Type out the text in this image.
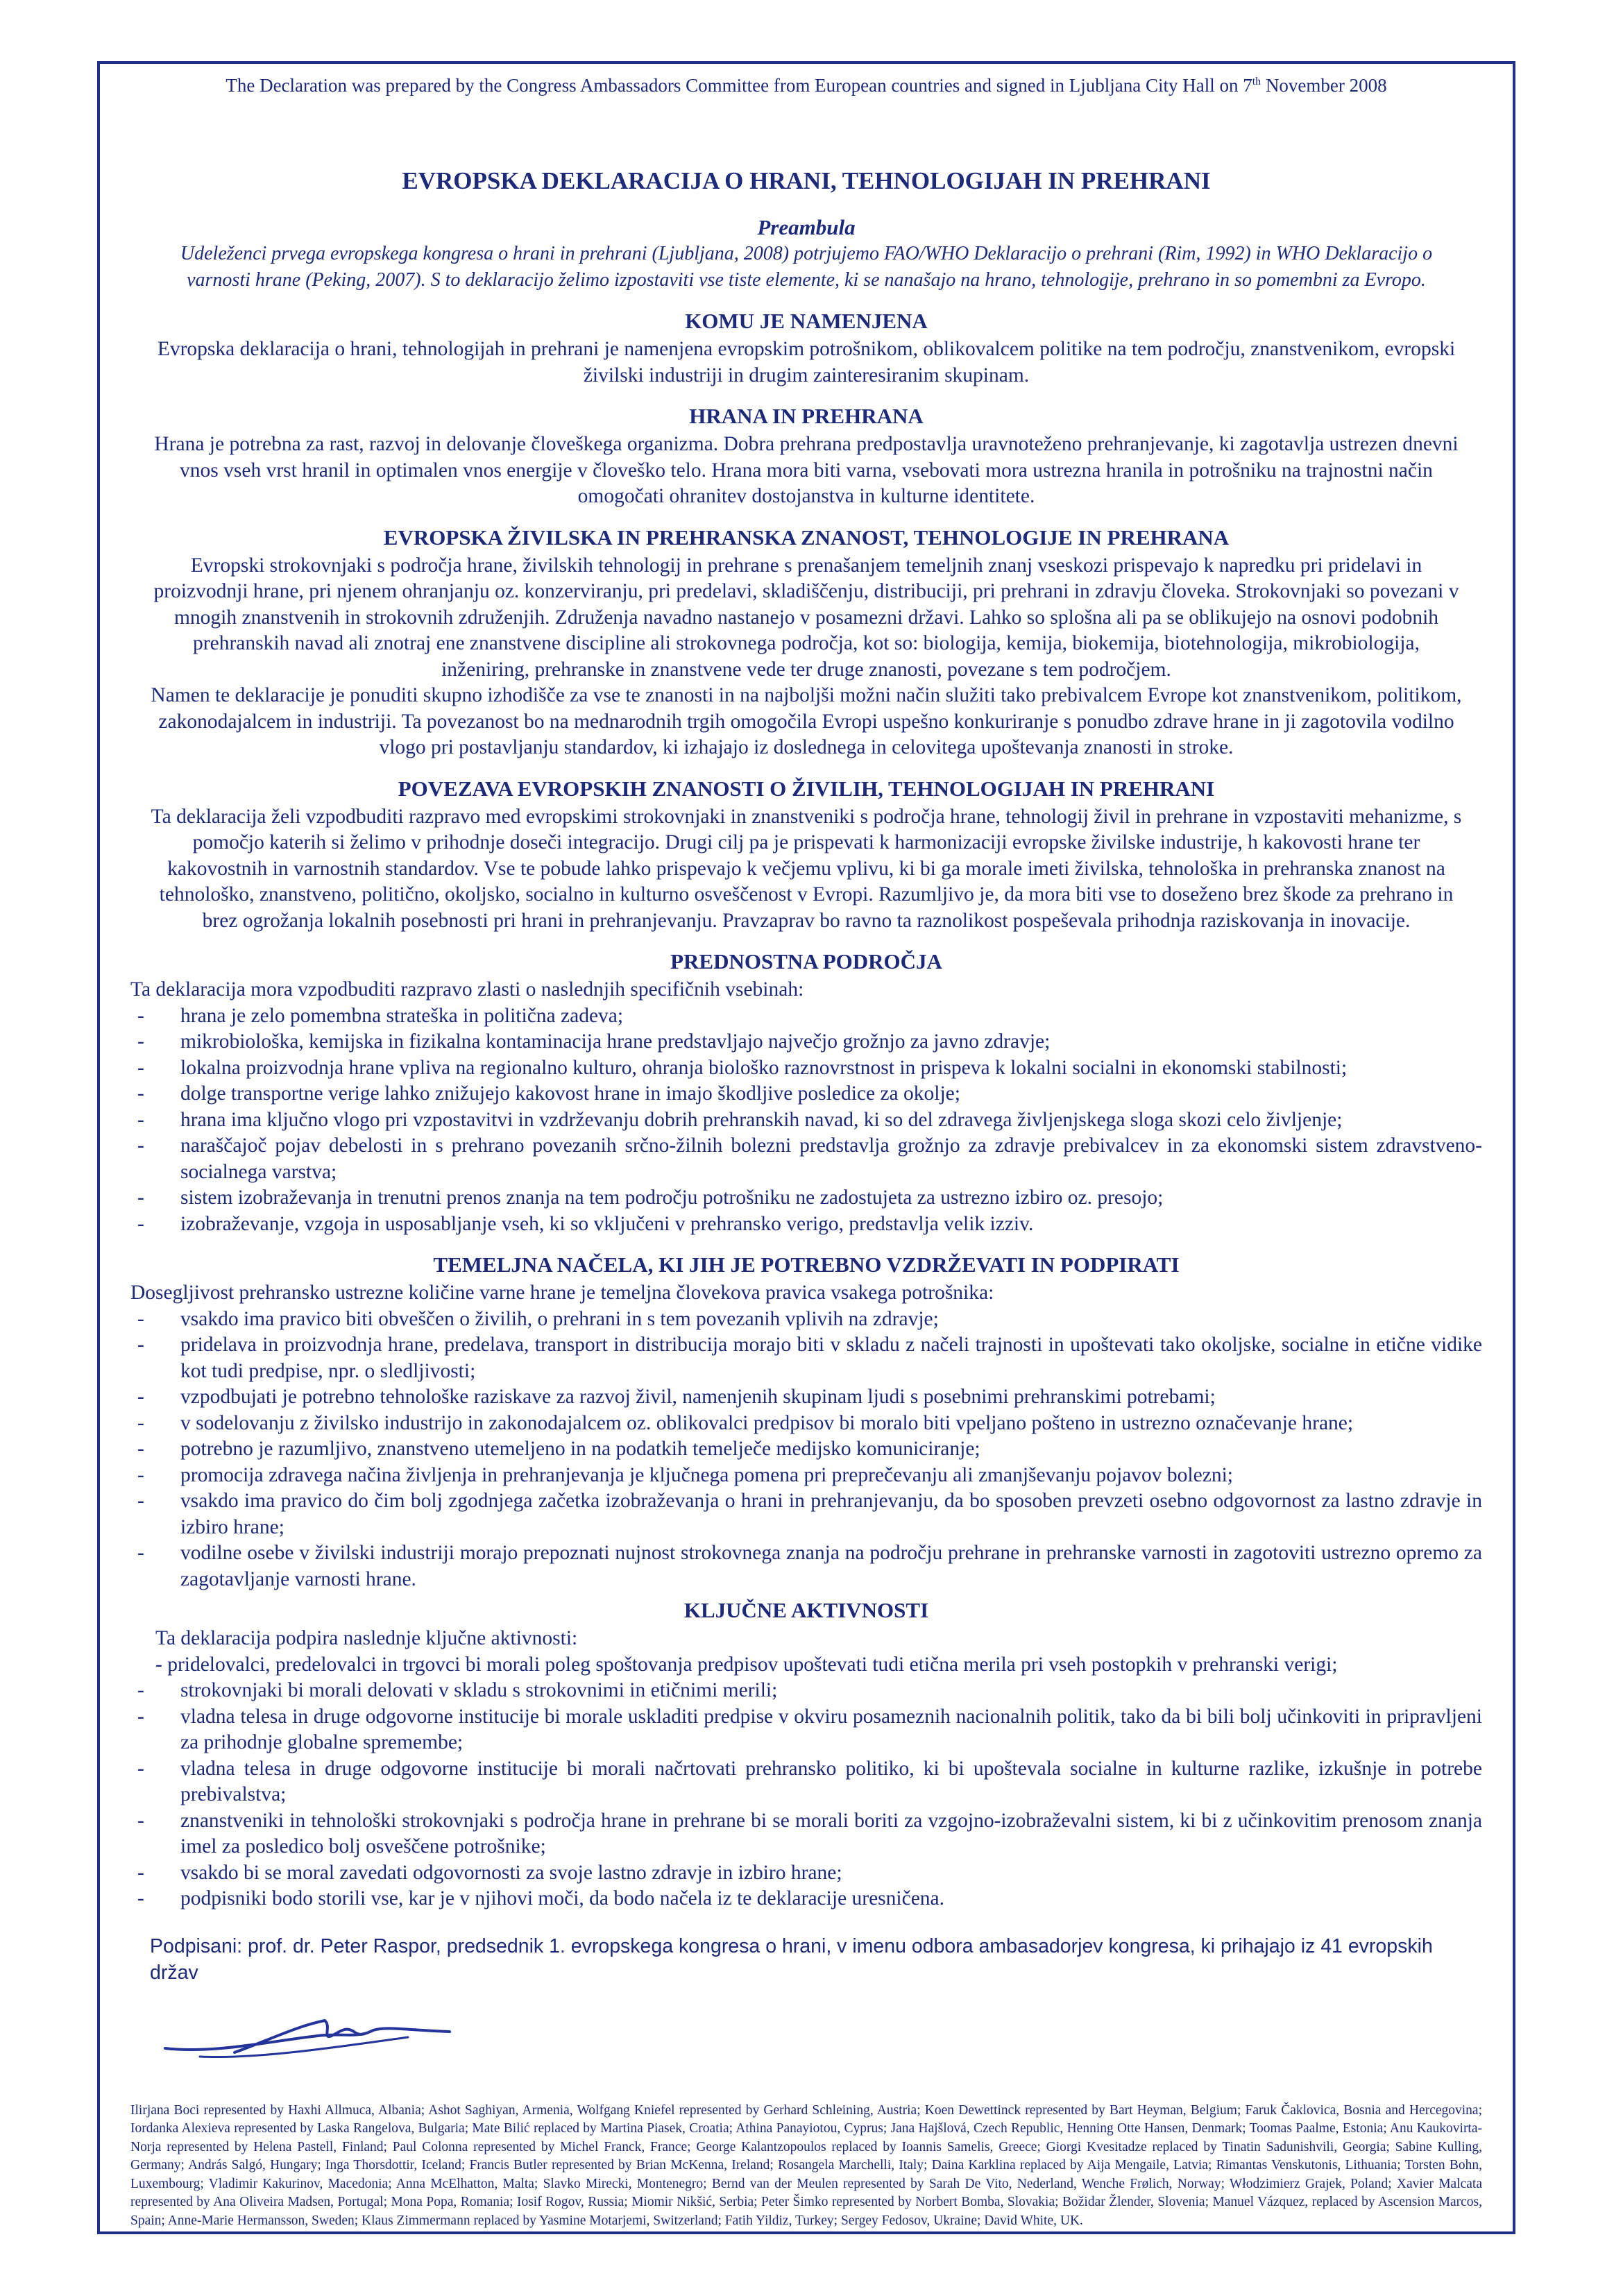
The Declaration was prepared by the Congress Ambassadors Committee from European countries and signed in Ljubljana City Hall on 7th November 2008

EVROPSKA DEKLARACIJA O HRANI, TEHNOLOGIJAH IN PREHRANI
Preambula

Udeleženci prvega evropskega kongresa o hrani in prehrani (Ljubljana, 2008) potrjujemo FAO/WHO Deklaracijo o prehrani (Rim, 1992) in WHO Deklaracijo o varnosti hrane (Peking, 2007). S to deklaracijo želimo izpostaviti vse tiste elemente, ki se nanašajo na hrano, tehnologije, prehrano in so pomembni za Evropo.

KOMU JE NAMENJENA

Evropska deklaracija o hrani, tehnologijah in prehrani je namenjena evropskim potrošnikom, oblikovalcem politike na tem področju, znanstvenikom, evropski živilski industriji in drugim zainteresiranim skupinam.

HRANA IN PREHRANA

Hrana je potrebna za rast, razvoj in delovanje človeškega organizma. Dobra prehrana predpostavlja uravnoteženo prehranjevanje, ki zagotavlja ustrezen dnevni vnos vseh vrst hranil in optimalen vnos energije v človeško telo. Hrana mora biti varna, vsebovati mora ustrezna hranila in potrošniku na trajnostni način omogočati ohranitev dostojanstva in kulturne identitete.

EVROPSKA ŽIVILSKA IN PREHRANSKA ZNANOST, TEHNOLOGIJE IN PREHRANA

Evropski strokovnjaki s področja hrane, živilskih tehnologij in prehrane s prenašanjem temeljnih znanj vseskozi prispevajo k napredku pri pridelavi in proizvodnji hrane, pri njenem ohranjanju oz. konzerviranju, pri predelavi, skladiščenju, distribuciji, pri prehrani in zdravju človeka. Strokovnjaki so povezani v mnogih znanstvenih in strokovnih združenjih. Združenja navadno nastanejo v posamezni državi. Lahko so splošna ali pa se oblikujejo na osnovi podobnih prehranskih navad ali znotraj ene znanstvene discipline ali strokovnega področja, kot so: biologija, kemija, biokemija, biotehnologija, mikrobiologija, inženiring, prehranske in znanstvene vede ter druge znanosti, povezane s tem področjem.

Namen te deklaracije je ponuditi skupno izhodišče za vse te znanosti in na najboljši možni način služiti tako prebivalcem Evrope kot znanstvenikom, politikom, zakonodajalcem in industriji. Ta povezanost bo na mednarodnih trgih omogočila Evropi uspešno konkuriranje s ponudbo zdrave hrane in ji zagotovila vodilno vlogo pri postavljanju standardov, ki izhajajo iz doslednega in celovitega upoštevanja znanosti in stroke.

POVEZAVA EVROPSKIH ZNANOSTI O ŽIVILIH, TEHNOLOGIJAH IN PREHRANI

Ta deklaracija želi vzpodbuditi razpravo med evropskimi strokovnjaki in znanstveniki s področja hrane, tehnologij živil in prehrane in vzpostaviti mehanizme, s pomočjo katerih si želimo v prihodnje doseči integracijo. Drugi cilj pa je prispevati k harmonizaciji evropske živilske industrije, h kakovosti hrane ter kakovostnih in varnostnih standardov. Vse te pobude lahko prispevajo k večjemu vplivu, ki bi ga morale imeti živilska, tehnološka in prehranska znanost na tehnološko, znanstveno, politično, okoljsko, socialno in kulturno osveščenost v Evropi. Razumljivo je, da mora biti vse to doseženo brez škode za prehrano in brez ogrožanja lokalnih posebnosti pri hrani in prehranjevanju. Pravzaprav bo ravno ta raznolikost pospeševala prihodnja raziskovanja in inovacije.

PREDNOSTNA PODROČJA

Ta deklaracija mora vzpodbuditi razpravo zlasti o naslednjih specifičnih vsebinah:

- hrana je zelo pomembna strateška in politična zadeva;
- mikrobiološka, kemijska in fizikalna kontaminacija hrane predstavljajo največjo grožnjo za javno zdravje;
- lokalna proizvodnja hrane vpliva na regionalno kulturo, ohranja biološko raznovrstnost in prispeva k lokalni socialni in ekonomski stabilnosti;
- dolge transportne verige lahko znižujejo kakovost hrane in imajo škodljive posledice za okolje;
- hrana ima ključno vlogo pri vzpostavitvi in vzdrževanju dobrih prehranskih navad, ki so del zdravega življenjskega sloga skozi celo življenje;
- naraščajoč pojav debelosti in s prehrano povezanih srčno-žilnih bolezni predstavlja grožnjo za zdravje prebivalcev in za ekonomski sistem zdravstveno-socialnega varstva;
- sistem izobraževanja in trenutni prenos znanja na tem področju potrošniku ne zadostujeta za ustrezno izbiro oz. presojo;
- izobraževanje, vzgoja in usposabljanje vseh, ki so vključeni v prehransko verigo, predstavlja velik izziv.
TEMELJNA NAČELA, KI JIH JE POTREBNO VZDRŽEVATI IN PODPIRATI

Dosegljivost prehransko ustrezne količine varne hrane je temeljna človekova pravica vsakega potrošnika:

- vsakdo ima pravico biti obveščen o živilih, o prehrani in s tem povezanih vplivih na zdravje;
- pridelava in proizvodnja hrane, predelava, transport in distribucija morajo biti v skladu z načeli trajnosti in upoštevati tako okoljske, socialne in etične vidike kot tudi predpise, npr. o sledljivosti;
- vzpodbujati je potrebno tehnološke raziskave za razvoj živil, namenjenih skupinam ljudi s posebnimi prehranskimi potrebami;
- v sodelovanju z živilsko industrijo in zakonodajalcem oz. oblikovalci predpisov bi moralo biti vpeljano pošteno in ustrezno označevanje hrane;
- potrebno je razumljivo, znanstveno utemeljeno in na podatkih temelječe medijsko komuniciranje;
- promocija zdravega načina življenja in prehranjevanja je ključnega pomena pri preprečevanju ali zmanjševanju pojavov bolezni;
- vsakdo ima pravico do čim bolj zgodnjega začetka izobraževanja o hrani in prehranjevanju, da bo sposoben prevzeti osebno odgovornost za lastno zdravje in izbiro hrane;
- vodilne osebe v živilski industriji morajo prepoznati nujnost strokovnega znanja na področju prehrane in prehranske varnosti in zagotoviti ustrezno opremo za zagotavljanje varnosti hrane.
KLJUČNE AKTIVNOSTI

Ta deklaracija podpira naslednje ključne aktivnosti:

- pridelovalci, predelovalci in trgovci bi morali poleg spoštovanja predpisov upoštevati tudi etična merila pri vseh postopkih v prehranski verigi;

- strokovnjaki bi morali delovati v skladu s strokovnimi in etičnimi merili;
- vladna telesa in druge odgovorne institucije bi morale uskladiti predpise v okviru posameznih nacionalnih politik, tako da bi bili bolj učinkoviti in pripravljeni za prihodnje globalne spremembe;
- vladna telesa in druge odgovorne institucije bi morali načrtovati prehransko politiko, ki bi upoštevala socialne in kulturne razlike, izkušnje in potrebe prebivalstva;
- znanstveniki in tehnološki strokovnjaki s področja hrane in prehrane bi se morali boriti za vzgojno-izobraževalni sistem, ki bi z učinkovitim prenosom znanja imel za posledico bolj osveščene potrošnike;
- vsakdo bi se moral zavedati odgovornosti za svoje lastno zdravje in izbiro hrane;
- podpisniki bodo storili vse, kar je v njihovi moči, da bodo načela iz te deklaracije uresničena.

Podpisani: prof. dr. Peter Raspor, predsednik 1. evropskega kongresa o hrani, v imenu odbora ambasadorjev kongresa, ki prihajajo iz 41 evropskih držav

Ilirjana Boci represented by Haxhi Allmuca, Albania; Ashot Saghiyan, Armenia, Wolfgang Kniefel represented by Gerhard Schleining, Austria; Koen Dewettinck represented by Bart Heyman, Belgium; Faruk Čaklovica, Bosnia and Hercegovina; Iordanka Alexieva represented by Laska Rangelova, Bulgaria; Mate Bilić replaced by Martina Piasek, Croatia; Athina Panayiotou, Cyprus; Jana Hajšlová, Czech Republic, Henning Otte Hansen, Denmark; Toomas Paalme, Estonia; Anu Kaukovirta-Norja represented by Helena Pastell, Finland; Paul Colonna represented by Michel Franck, France; George Kalantzopoulos replaced by Ioannis Samelis, Greece; Giorgi Kvesitadze replaced by Tinatin Sadunishvili, Georgia; Sabine Kulling, Germany; András Salgó, Hungary; Inga Thorsdottir, Iceland; Francis Butler represented by Brian McKenna, Ireland; Rosangela Marchelli, Italy; Daina Karklina replaced by Aija Mengaile, Latvia; Rimantas Venskutonis, Lithuania; Torsten Bohn, Luxembourg; Vladimir Kakurinov, Macedonia; Anna McElhatton, Malta; Slavko Mirecki, Montenegro; Bernd van der Meulen represented by Sarah De Vito, Nederland, Wenche Frølich, Norway; Włodzimierz Grajek, Poland; Xavier Malcata represented by Ana Oliveira Madsen, Portugal; Mona Popa, Romania; Iosif Rogov, Russia; Miomir Nikšić, Serbia; Peter Šimko represented by Norbert Bomba, Slovakia; Božidar Žlender, Slovenia; Manuel Vázquez, replaced by Ascension Marcos, Spain; Anne-Marie Hermansson, Sweden; Klaus Zimmermann replaced by Yasmine Motarjemi, Switzerland; Fatih Yildiz, Turkey; Sergey Fedosov, Ukraine; David White, UK.
